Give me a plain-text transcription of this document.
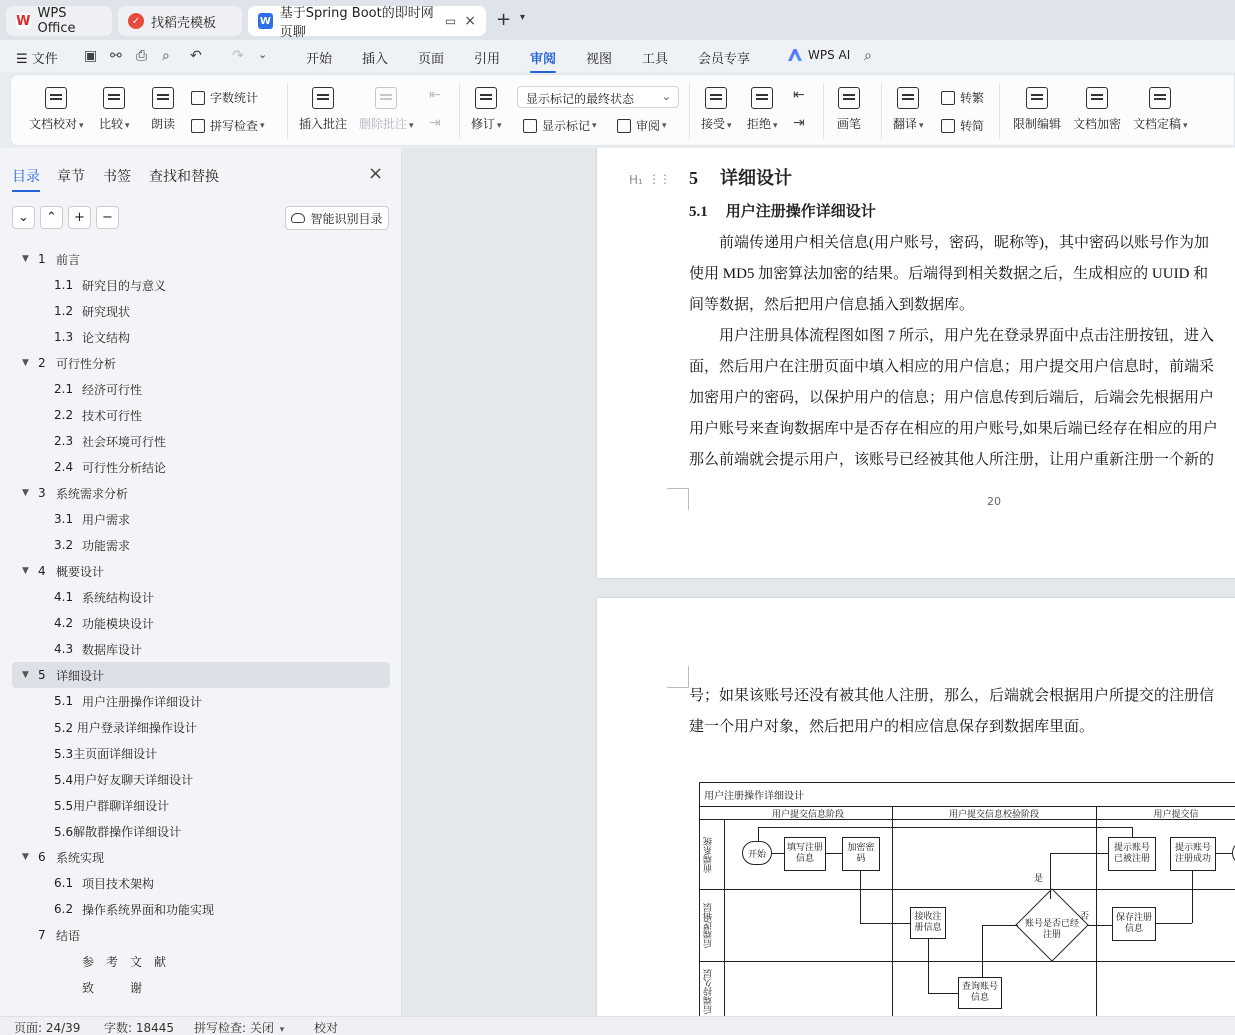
W WPS Office	✓ 找稻壳模板	W 基于Spring Boot的即时网页聊
▭ × + ▾
☰ 文件 ▣ ⚯ ⎙ ⌕ ↶ ↷ ⌄	开始 插入 页面 引用 审阅 视图 工具 会员专享	WPS AI ⌕
文档校对 ▾ 比较 ▾ 朗读
字数统计
拼写检查 ▾	插入批注 删除批注 ▾
⇤
⇥	修订 ▾
显示标记的最终状态	⌄
显示标记 ▾	审阅 ▾	接受 ▾ 拒绝 ▾
⇤
⇥	画笔	翻译 ▾
转繁
转简 限制编辑 文档加密 文档定稿 ▾
目录 章节 书签 查找和替换	×
⌄	⌃	+	−	智能识别目录
▼ 1 前言
1.1 研究目的与意义
1.2 研究现状
1.3 论文结构
▼ 2 可行性分析
2.1 经济可行性
2.2 技术可行性
2.3 社会环境可行性
2.4 可行性分析结论
▼ 3 系统需求分析
3.1 用户需求
3.2 功能需求
▼ 4 概要设计
4.1 系统结构设计
4.2 功能模块设计
4.3 数据库设计
▼ 5 详细设计
5.1 用户注册操作详细设计
5.2 用户登录详细操作设计
5.3主页面详细设计
5.4用户好友聊天详细设计
5.5用户群聊详细设计
5.6解散群操作详细设计
▼ 6 系统实现
6.1 项目技术架构
6.2 操作系统界面和功能实现
7 结语
参　考　文　献
致　　　谢
H₁ ⋮⋮ 5 详细设计
5.1 用户注册操作详细设计
前端传递用户相关信息(用户账号，密码，昵称等)，其中密码以账号作为加
使用 MD5 加密算法加密的结果。后端得到相关数据之后，生成相应的 UUID 和
间等数据，然后把用户信息插入到数据库。
用户注册具体流程图如图 7 所示，用户先在登录界面中点击注册按钮，进入
面，然后用户在注册页面中填入相应的用户信息；用户提交用户信息时，前端采
加密用户的密码，以保护用户的信息；用户信息传到后端后，后端会先根据用户
用户账号来查询数据库中是否存在相应的用户账号,如果后端已经存在相应的用户
那么前端就会提示用户，该账号已经被其他人所注册，让用户重新注册一个新的
20
号；如果该账号还没有被其他人注册，那么，后端就会根据用户所提交的注册信
建一个用户对象，然后把用户的相应信息保存到数据库里面。
用户注册操作详细设计
用户提交信息阶段	用户提交信息校验阶段	用户提交信
前端系统
后端逻辑层
后端持久层
开始
填写注册信息
加密密码
接收注册信息
查询账号信息
账号是否已经注册
保存注册信息
提示账号已被注册
提示账号注册成功
是
否
页面: 24/39 字数: 18445 拼写检查: 关闭 ▾ 校对
